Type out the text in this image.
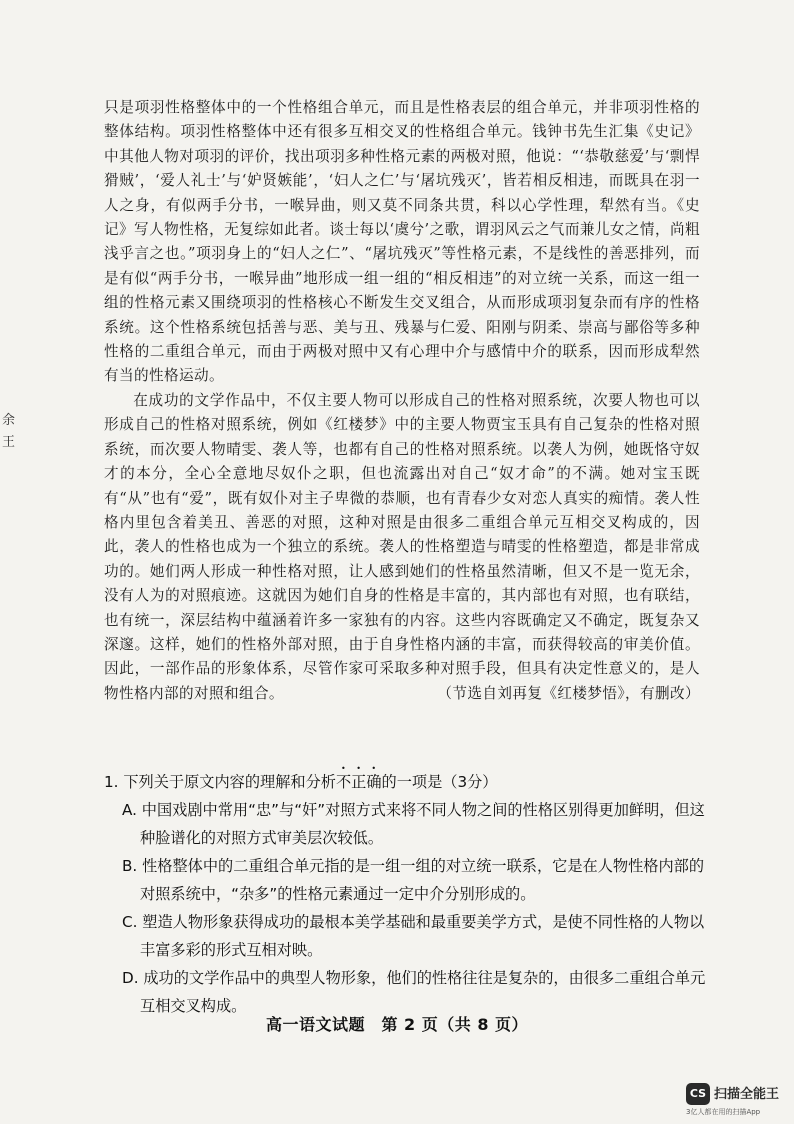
余 王

只是项羽性格整体中的一个性格组合单元，而且是性格表层的组合单元，并非项羽性格的整体结构。项羽性格整体中还有很多互相交叉的性格组合单元。钱钟书先生汇集《史记》中其他人物对项羽的评价，找出项羽多种性格元素的两极对照，他说：“‘恭敬慈爱’与‘剽悍猾贼’，‘爱人礼士’与‘妒贤嫉能’，‘妇人之仁’与‘屠坑残灭’，皆若相反相违，而既具在羽一人之身，有似两手分书，一喉异曲，则又莫不同条共贯，科以心学性理，犁然有当。《史记》写人物性格，无复综如此者。谈士每以‘虞兮’之歌，谓羽风云之气而兼儿女之情，尚粗浅乎言之也。”项羽身上的“妇人之仁”、“屠坑残灭”等性格元素，不是线性的善恶排列，而是有似“两手分书，一喉异曲”地形成一组一组的“相反相违”的对立统一关系，而这一组一组的性格元素又围绕项羽的性格核心不断发生交叉组合，从而形成项羽复杂而有序的性格系统。这个性格系统包括善与恶、美与丑、残暴与仁爱、阳刚与阴柔、崇高与鄙俗等多种性格的二重组合单元，而由于两极对照中又有心理中介与感情中介的联系，因而形成犁然有当的性格运动。

在成功的文学作品中，不仅主要人物可以形成自己的性格对照系统，次要人物也可以形成自己的性格对照系统，例如《红楼梦》中的主要人物贾宝玉具有自己复杂的性格对照系统，而次要人物晴雯、袭人等，也都有自己的性格对照系统。以袭人为例，她既恪守奴才的本分，全心全意地尽奴仆之职，但也流露出对自己“奴才命”的不满。她对宝玉既有“从”也有“爱”，既有奴仆对主子卑微的恭顺，也有青春少女对恋人真实的痴情。袭人性格内里包含着美丑、善恶的对照，这种对照是由很多二重组合单元互相交叉构成的，因此，袭人的性格也成为一个独立的系统。袭人的性格塑造与晴雯的性格塑造，都是非常成功的。她们两人形成一种性格对照，让人感到她们的性格虽然清晰，但又不是一览无余，没有人为的对照痕迹。这就因为她们自身的性格是丰富的，其内部也有对照，也有联结，也有统一，深层结构中蕴涵着许多一家独有的内容。这些内容既确定又不确定，既复杂又深邃。这样，她们的性格外部对照，由于自身性格内涵的丰富，而获得较高的审美价值。因此，一部作品的形象体系，尽管作家可采取多种对照手段，但具有决定性意义的，是人物性格内部的对照和组合。	（节选自刘再复《红楼梦悟》，有删改）

1. 下列关于原文内容的理解和分析不正确的一项是（3分）

A. 中国戏剧中常用“忠”与“奸”对照方式来将不同人物之间的性格区别得更加鲜明，但这种脸谱化的对照方式审美层次较低。

B. 性格整体中的二重组合单元指的是一组一组的对立统一联系，它是在人物性格内部的对照系统中，“杂多”的性格元素通过一定中介分别形成的。

C. 塑造人物形象获得成功的最根本美学基础和最重要美学方式，是使不同性格的人物以丰富多彩的形式互相对映。

D. 成功的文学作品中的典型人物形象，他们的性格往往是复杂的，由很多二重组合单元互相交叉构成。

高一语文试题　第 2 页（共 8 页）
CS 扫描全能王
3亿人都在用的扫描App
